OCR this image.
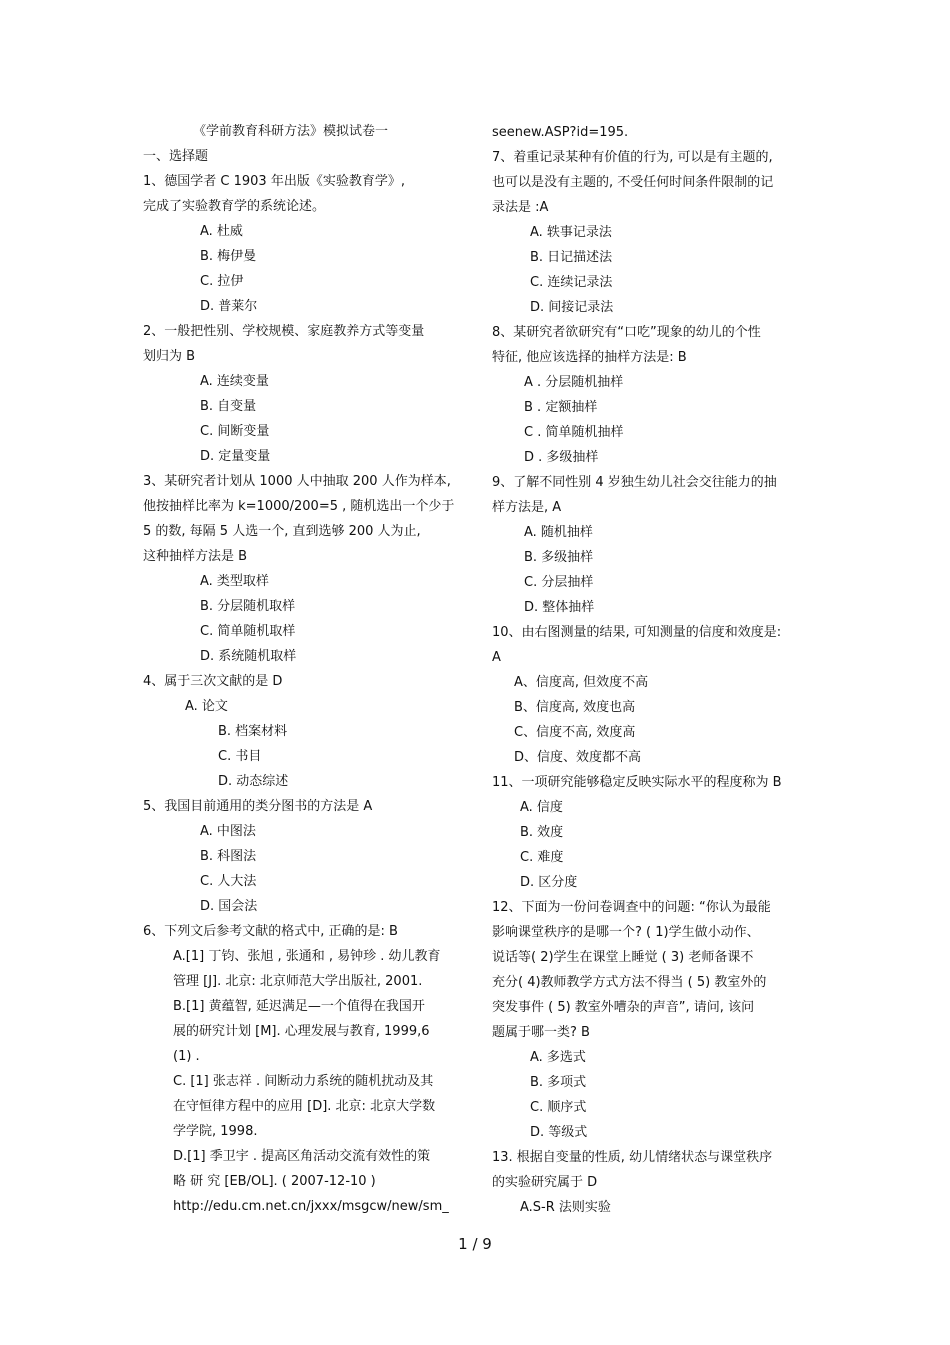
《学前教育科研方法》模拟试卷一
一、选择题
1、德国学者 C 1903 年出版《实验教育学》,
完成了实验教育学的系统论述。
A. 杜威
B. 梅伊曼
C. 拉伊
D. 普莱尔
2、一般把性别、学校规模、家庭教养方式等变量
划归为 B
A. 连续变量
B. 自变量
C. 间断变量
D. 定量变量
3、某研究者计划从 1000 人中抽取 200 人作为样本,
他按抽样比率为 k=1000/200=5 , 随机选出一个少于
5 的数, 每隔 5 人选一个, 直到选够 200 人为止,
这种抽样方法是 B
A. 类型取样
B. 分层随机取样
C. 简单随机取样
D. 系统随机取样
4、属于三次文献的是 D
A. 论文
B. 档案材料
C. 书目
D. 动态综述
5、我国目前通用的类分图书的方法是 A
A. 中图法
B. 科图法
C. 人大法
D. 国会法
6、下列文后参考文献的格式中, 正确的是: B
A.[1] 丁钧、张旭 , 张通和 , 易钟珍 . 幼儿教育
管理 [J]. 北京: 北京师范大学出版社, 2001.
B.[1] 黄蕴智, 延迟满足—一个值得在我国开
展的研究计划 [M]. 心理发展与教育, 1999,6
(1) .
C. [1] 张志祥 . 间断动力系统的随机扰动及其
在守恒律方程中的应用 [D]. 北京: 北京大学数
学学院, 1998.
D.[1] 季卫宇 . 提高区角活动交流有效性的策
略 研 究 [EB/OL]. ( 2007-12-10 )
http://edu.cm.net.cn/jxxx/msgcw/new/sm_
seenew.ASP?id=195.
7、着重记录某种有价值的行为, 可以是有主题的,
也可以是没有主题的, 不受任何时间条件限制的记
录法是 :A
A. 轶事记录法
B. 日记描述法
C. 连续记录法
D. 间接记录法
8、某研究者欲研究有“口吃”现象的幼儿的个性
特征, 他应该选择的抽样方法是: B
A . 分层随机抽样
B . 定额抽样
C . 简单随机抽样
D . 多级抽样
9、了解不同性别 4 岁独生幼儿社会交往能力的抽
样方法是, A
A. 随机抽样
B. 多级抽样
C. 分层抽样
D. 整体抽样
10、由右图测量的结果, 可知测量的信度和效度是:
A
A、信度高, 但效度不高
B、信度高, 效度也高
C、信度不高, 效度高
D、信度、效度都不高
11、一项研究能够稳定反映实际水平的程度称为 B
A. 信度
B. 效度
C. 难度
D. 区分度
12、下面为一份问卷调查中的问题: “你认为最能
影响课堂秩序的是哪一个? ( 1)学生做小动作、
说话等( 2)学生在课堂上睡觉 ( 3) 老师备课不
充分( 4)教师教学方式方法不得当 ( 5) 教室外的
突发事件 ( 5) 教室外嘈杂的声音”, 请问, 该问
题属于哪一类? B
A. 多选式
B. 多项式
C. 顺序式
D. 等级式
13. 根据自变量的性质, 幼儿情绪状态与课堂秩序
的实验研究属于 D
A.S-R 法则实验
1 / 9
